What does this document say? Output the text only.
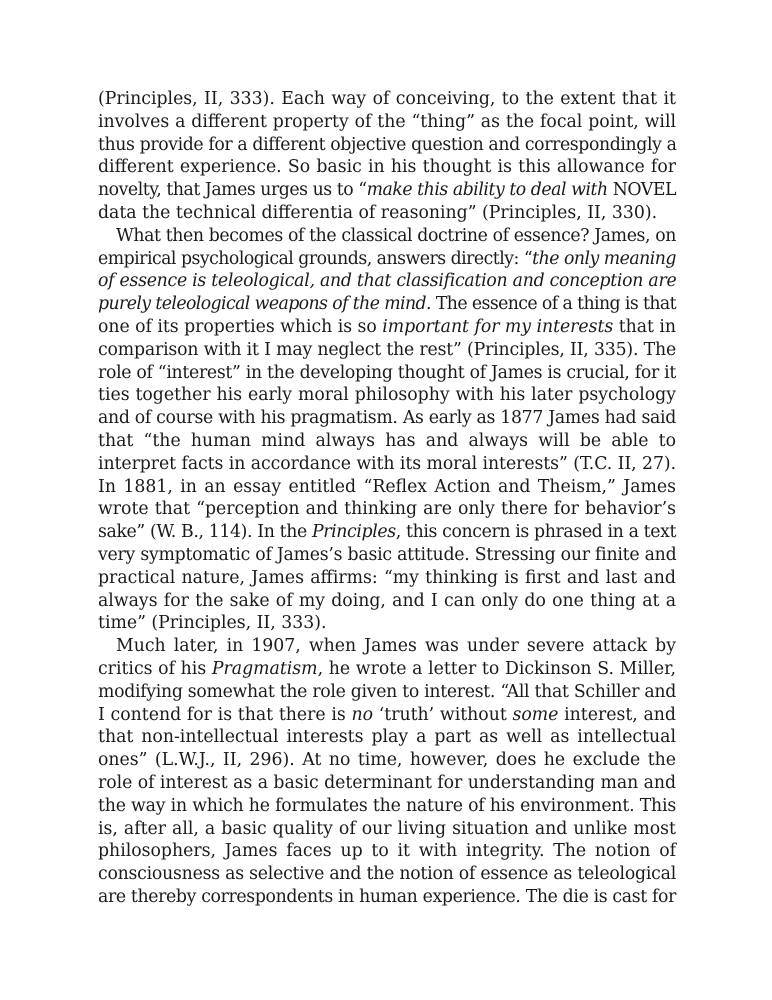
(Principles, II, 333). Each way of conceiving, to the extent that it
involves a different property of the “thing” as the focal point, will
thus provide for a different objective question and correspondingly a
different experience. So basic in his thought is this allowance for
novelty, that James urges us to “make this ability to deal with NOVEL
data the technical differentia of reasoning” (Principles, II, 330).
What then becomes of the classical doctrine of essence? James, on
empirical psychological grounds, answers directly: “the only meaning
of essence is teleological, and that classification and conception are
purely teleological weapons of the mind. The essence of a thing is that
one of its properties which is so important for my interests that in
comparison with it I may neglect the rest” (Principles, II, 335). The
role of “interest” in the developing thought of James is crucial, for it
ties together his early moral philosophy with his later psychology
and of course with his pragmatism. As early as 1877 James had said
that “the human mind always has and always will be able to
interpret facts in accordance with its moral interests” (T.C. II, 27).
In 1881, in an essay entitled “Reflex Action and Theism,” James
wrote that “perception and thinking are only there for behavior’s
sake” (W. B., 114). In the Principles, this concern is phrased in a text
very symptomatic of James’s basic attitude. Stressing our finite and
practical nature, James affirms: “my thinking is first and last and
always for the sake of my doing, and I can only do one thing at a
time” (Principles, II, 333).
Much later, in 1907, when James was under severe attack by
critics of his Pragmatism, he wrote a letter to Dickinson S. Miller,
modifying somewhat the role given to interest. “All that Schiller and
I contend for is that there is no ‘truth’ without some interest, and
that non-intellectual interests play a part as well as intellectual
ones” (L.W.J., II, 296). At no time, however, does he exclude the
role of interest as a basic determinant for understanding man and
the way in which he formulates the nature of his environment. This
is, after all, a basic quality of our living situation and unlike most
philosophers, James faces up to it with integrity. The notion of
consciousness as selective and the notion of essence as teleological
are thereby correspondents in human experience. The die is cast for
